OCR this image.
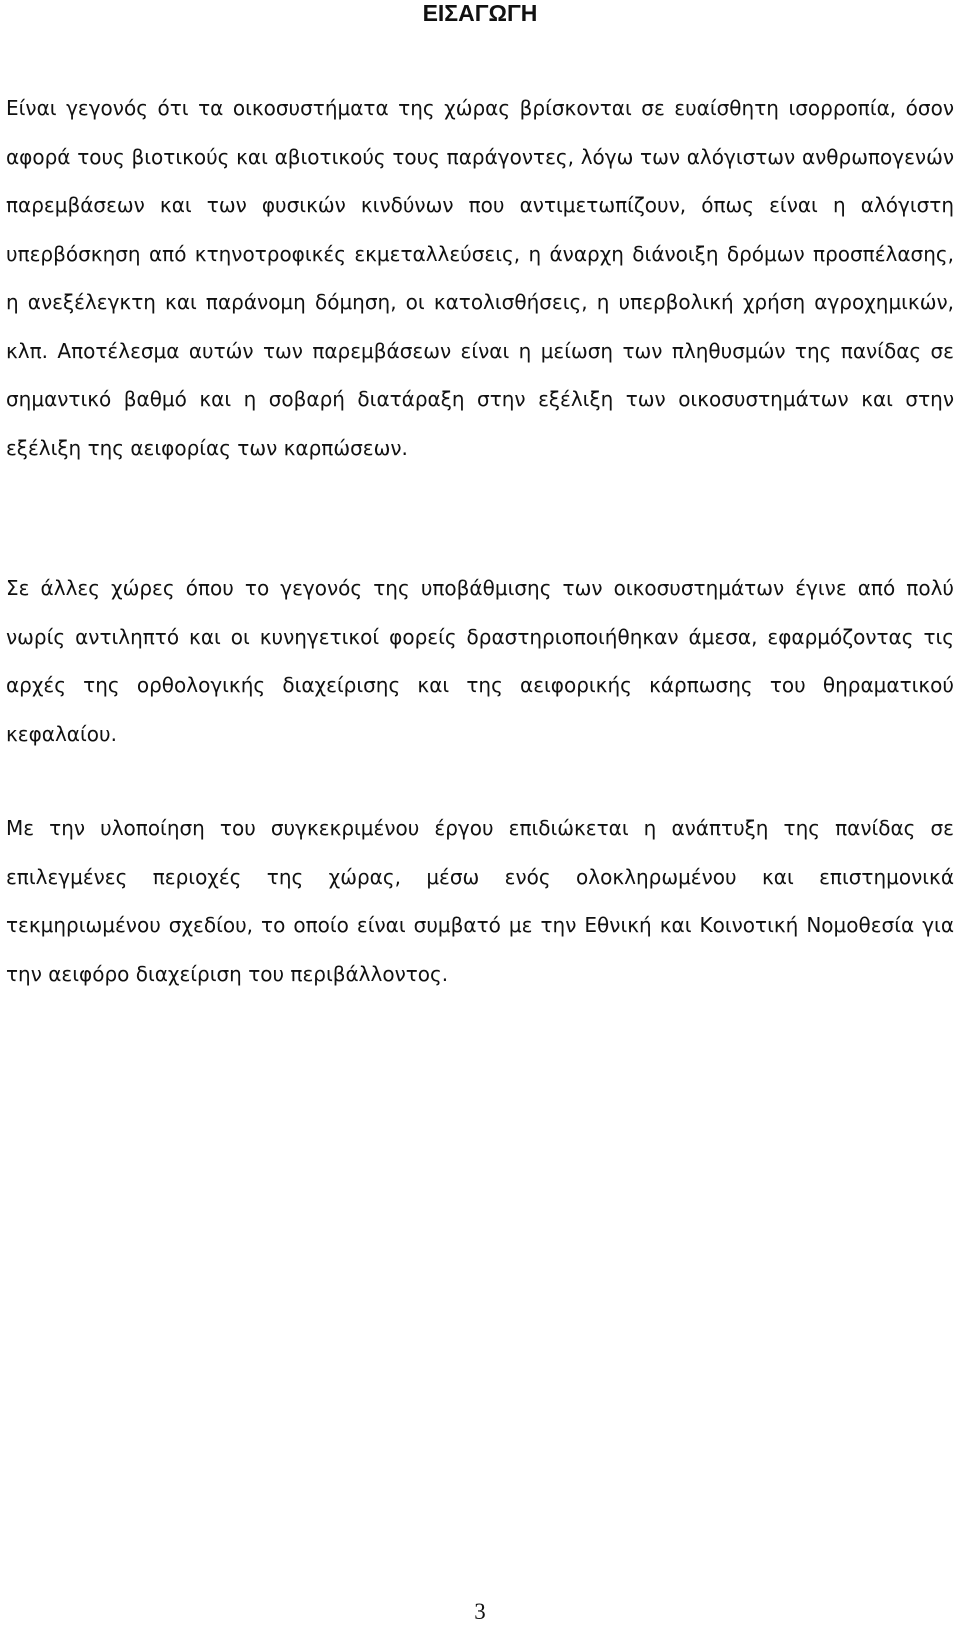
ΕΙΣΑΓΩΓΗ

Είναι γεγονός ότι τα οικοσυστήματα της χώρας βρίσκονται σε ευαίσθητη ισορροπία, όσον αφορά τους βιοτικούς και αβιοτικούς τους παράγοντες, λόγω των αλόγιστων ανθρωπογενών παρεμβάσεων και των φυσικών κινδύνων που αντιμετωπίζουν, όπως είναι η αλόγιστη υπερβόσκηση από κτηνοτροφικές εκμεταλλεύσεις, η άναρχη διάνοιξη δρόμων προσπέλασης, η ανεξέλεγκτη και παράνομη δόμηση, οι κατολισθήσεις, η υπερβολική χρήση αγροχημικών, κλπ. Αποτέλεσμα αυτών των παρεμβάσεων είναι η μείωση των πληθυσμών της πανίδας σε σημαντικό βαθμό και η σοβαρή διατάραξη στην εξέλιξη των οικοσυστημάτων και στην εξέλιξη της αειφορίας των καρπώσεων.

Σε άλλες χώρες όπου το γεγονός της υποβάθμισης των οικοσυστημάτων έγινε από πολύ νωρίς αντιληπτό και οι κυνηγετικοί φορείς δραστηριοποιήθηκαν άμεσα, εφαρμόζοντας τις αρχές της ορθολογικής διαχείρισης και της αειφορικής κάρπωσης του θηραματικού κεφαλαίου.

Με την υλοποίηση του συγκεκριμένου έργου επιδιώκεται η ανάπτυξη της πανίδας σε επιλεγμένες περιοχές της χώρας, μέσω ενός ολοκληρωμένου και επιστημονικά τεκμηριωμένου σχεδίου, το οποίο είναι συμβατό με την Εθνική και Κοινοτική Νομοθεσία για την αειφόρο διαχείριση του περιβάλλοντος.

3
